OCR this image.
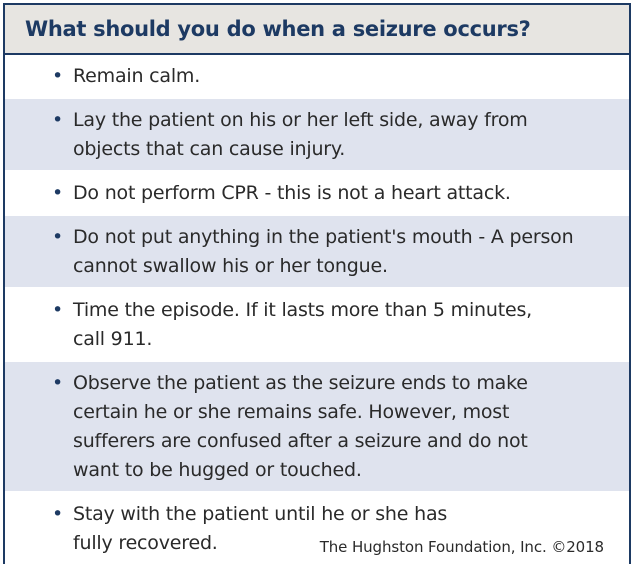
What should you do when a seizure occurs?
• Remain calm.
• Lay the patient on his or her left side, away from objects that can cause injury.
• Do not perform CPR - this is not a heart attack.
• Do not put anything in the patient's mouth - A person cannot swallow his or her tongue.
• Time the episode. If it lasts more than 5 minutes, call 911.
• Observe the patient as the seizure ends to make certain he or she remains safe. However, most sufferers are confused after a seizure and do not want to be hugged or touched.
• Stay with the patient until he or she has fully recovered.	The Hughston Foundation, Inc. ©2018
